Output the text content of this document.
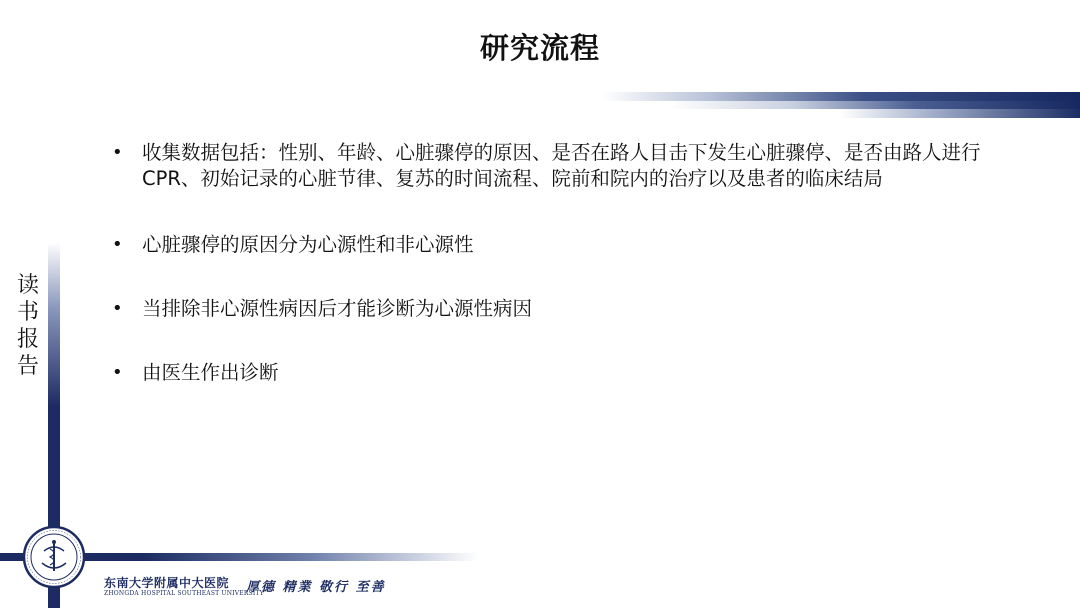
研究流程
读
书
报
告
• 收集数据包括：性别、年龄、心脏骤停的原因、是否在路人目击下发生心脏骤停、是否由路人进行CPR、初始记录的心脏节律、复苏的时间流程、院前和院内的治疗以及患者的临床结局
• 心脏骤停的原因分为心源性和非心源性
• 当排除非心源性病因后才能诊断为心源性病因
• 由医生作出诊断
东南大学附属中大医院
ZHONGDA HOSPITAL SOUTHEAST UNIVERSITY
厚德 精業 敬行 至善
